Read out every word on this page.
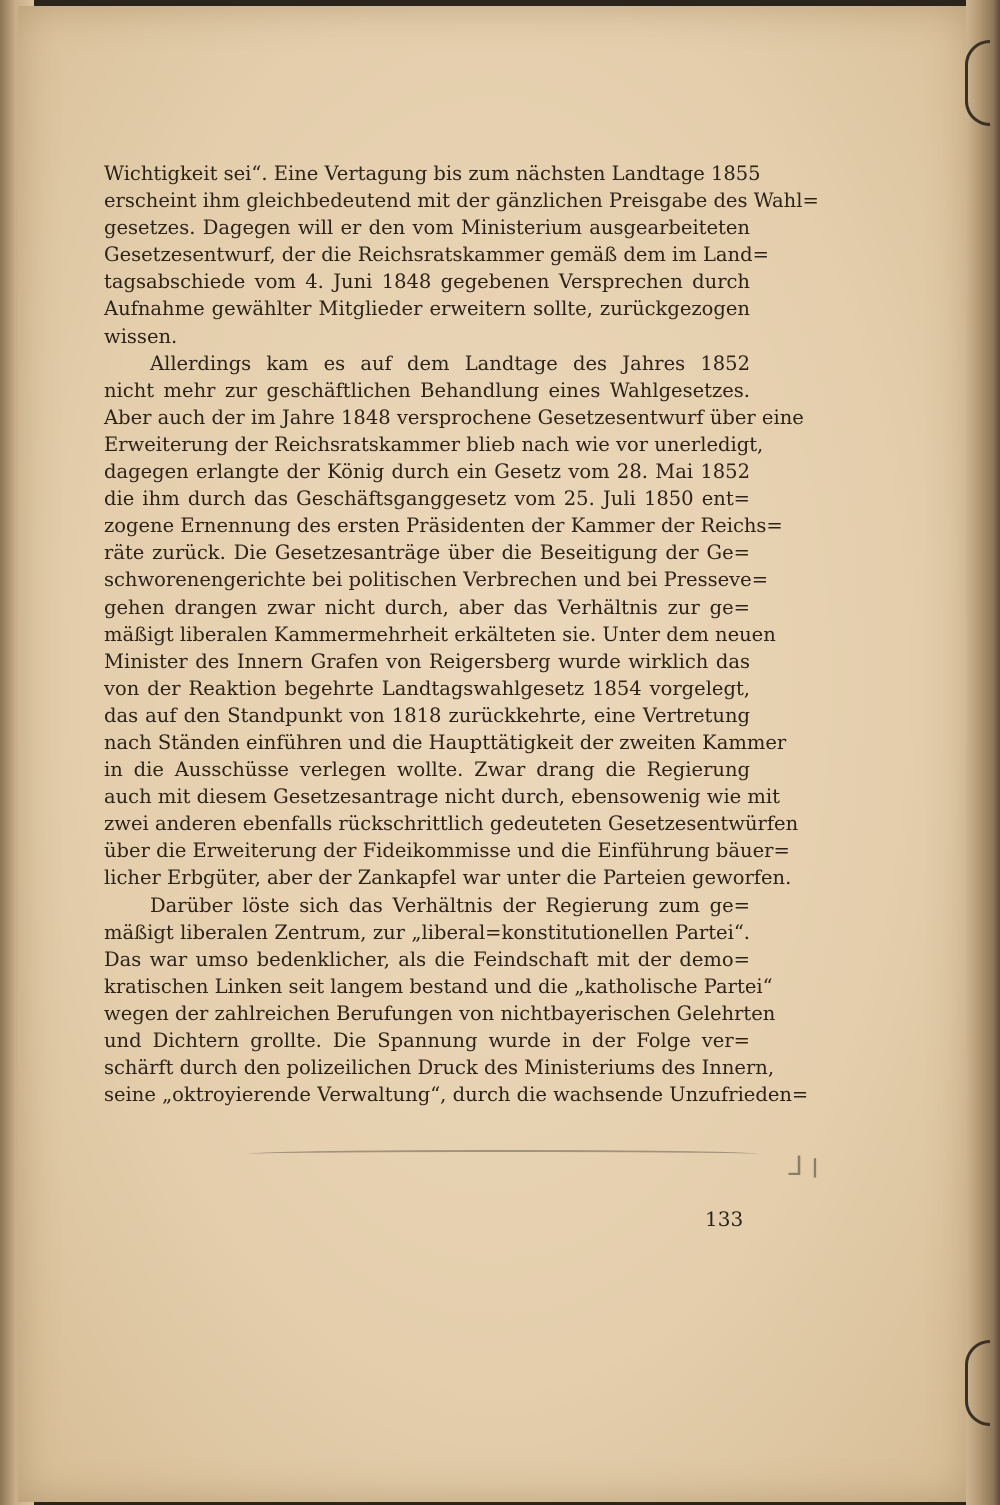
Wichtigkeit sei“. Eine Vertagung bis zum nächsten Landtage 1855
erscheint ihm gleichbedeutend mit der gänzlichen Preisgabe des Wahl=
gesetzes. Dagegen will er den vom Ministerium ausgearbeiteten
Gesetzesentwurf, der die Reichsratskammer gemäß dem im Land=
tagsabschiede vom 4. Juni 1848 gegebenen Versprechen durch
Aufnahme gewählter Mitglieder erweitern sollte, zurückgezogen
wissen.

Allerdings kam es auf dem Landtage des Jahres 1852
nicht mehr zur geschäftlichen Behandlung eines Wahlgesetzes.
Aber auch der im Jahre 1848 versprochene Gesetzesentwurf über eine
Erweiterung der Reichsratskammer blieb nach wie vor unerledigt,
dagegen erlangte der König durch ein Gesetz vom 28. Mai 1852
die ihm durch das Geschäftsganggesetz vom 25. Juli 1850 ent=
zogene Ernennung des ersten Präsidenten der Kammer der Reichs=
räte zurück. Die Gesetzesanträge über die Beseitigung der Ge=
schworenengerichte bei politischen Verbrechen und bei Presseve=
gehen drangen zwar nicht durch, aber das Verhältnis zur ge=
mäßigt liberalen Kammermehrheit erkälteten sie. Unter dem neuen
Minister des Innern Grafen von Reigersberg wurde wirklich das
von der Reaktion begehrte Landtagswahlgesetz 1854 vorgelegt,
das auf den Standpunkt von 1818 zurückkehrte, eine Vertretung
nach Ständen einführen und die Haupttätigkeit der zweiten Kammer
in die Ausschüsse verlegen wollte. Zwar drang die Regierung
auch mit diesem Gesetzesantrage nicht durch, ebensowenig wie mit
zwei anderen ebenfalls rückschrittlich gedeuteten Gesetzesentwürfen
über die Erweiterung der Fideikommisse und die Einführung bäuer=
licher Erbgüter, aber der Zankapfel war unter die Parteien geworfen.

Darüber löste sich das Verhältnis der Regierung zum ge=
mäßigt liberalen Zentrum, zur „liberal=konstitutionellen Partei“.
Das war umso bedenklicher, als die Feindschaft mit der demo=
kratischen Linken seit langem bestand und die „katholische Partei“
wegen der zahlreichen Berufungen von nichtbayerischen Gelehrten
und Dichtern grollte. Die Spannung wurde in der Folge ver=
schärft durch den polizeilichen Druck des Ministeriums des Innern,
seine „oktroyierende Verwaltung“, durch die wachsende Unzufrieden=

ᒧ ׀
133
